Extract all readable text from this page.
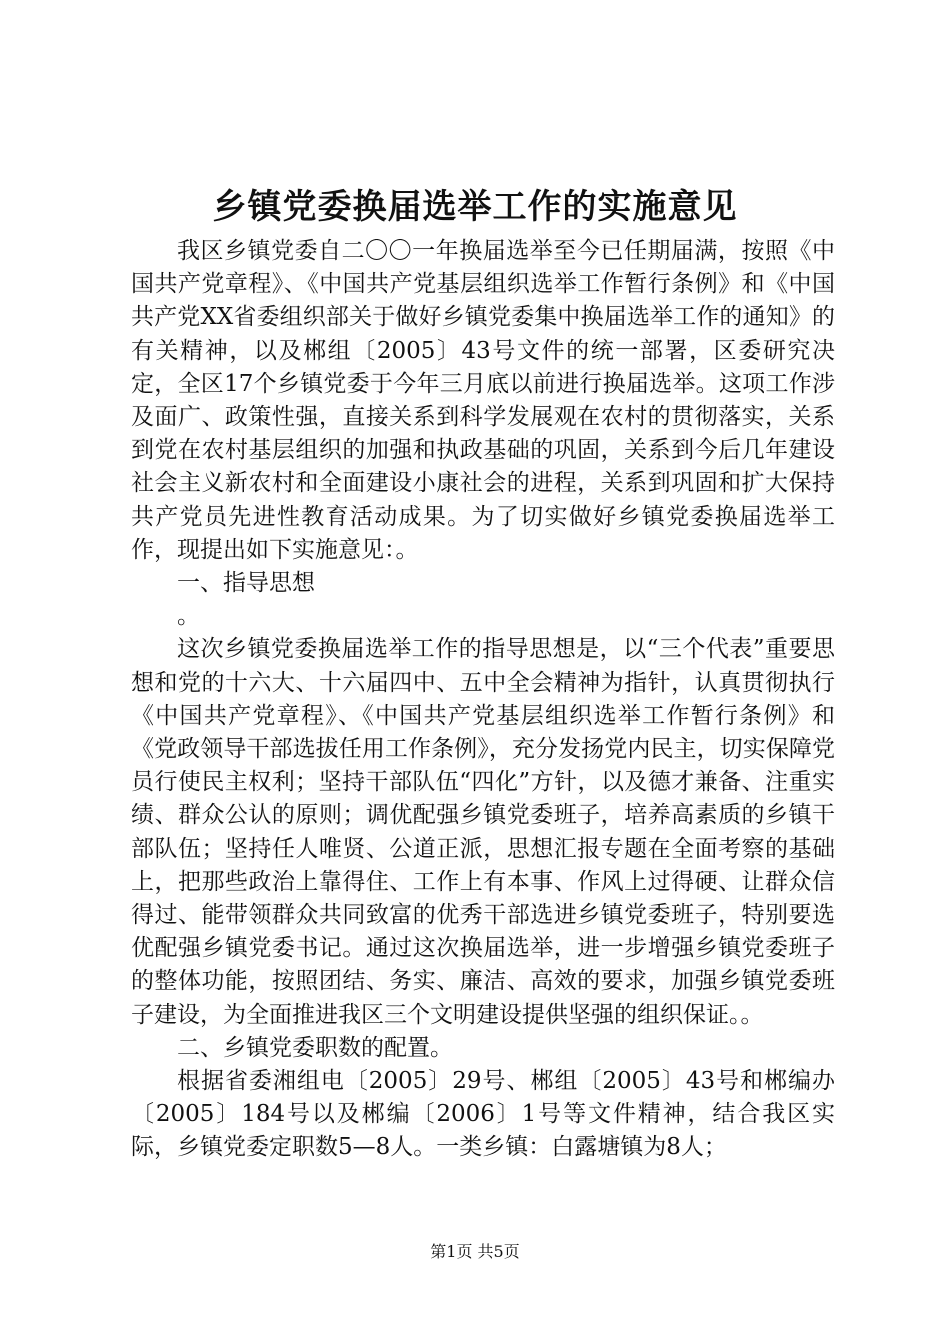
乡镇党委换届选举工作的实施意见

我区乡镇党委自二〇〇一年换届选举至今已任期届满，按照《中国共产党章程》、《中国共产党基层组织选举工作暂行条例》和《中国共产党XX省委组织部关于做好乡镇党委集中换届选举工作的通知》的有关精神，以及郴组〔2005〕43号文件的统一部署，区委研究决定，全区17个乡镇党委于今年三月底以前进行换届选举。这项工作涉及面广、政策性强，直接关系到科学发展观在农村的贯彻落实，关系到党在农村基层组织的加强和执政基础的巩固，关系到今后几年建设社会主义新农村和全面建设小康社会的进程，关系到巩固和扩大保持共产党员先进性教育活动成果。为了切实做好乡镇党委换届选举工作，现提出如下实施意见：。

一、指导思想

。

这次乡镇党委换届选举工作的指导思想是，以“三个代表”重要思想和党的十六大、十六届四中、五中全会精神为指针，认真贯彻执行《中国共产党章程》、《中国共产党基层组织选举工作暂行条例》和《党政领导干部选拔任用工作条例》，充分发扬党内民主，切实保障党员行使民主权利；坚持干部队伍“四化”方针，以及德才兼备、注重实绩、群众公认的原则；调优配强乡镇党委班子，培养高素质的乡镇干部队伍；坚持任人唯贤、公道正派，思想汇报专题在全面考察的基础上，把那些政治上靠得住、工作上有本事、作风上过得硬、让群众信得过、能带领群众共同致富的优秀干部选进乡镇党委班子，特别要选优配强乡镇党委书记。通过这次换届选举，进一步增强乡镇党委班子的整体功能，按照团结、务实、廉洁、高效的要求，加强乡镇党委班子建设，为全面推进我区三个文明建设提供坚强的组织保证。。

二、乡镇党委职数的配置。

根据省委湘组电〔2005〕29号、郴组〔2005〕43号和郴编办〔2005〕184号以及郴编〔2006〕1号等文件精神，结合我区实际，乡镇党委定职数5—8人。一类乡镇：白露塘镇为8人；

第1页 共5页
